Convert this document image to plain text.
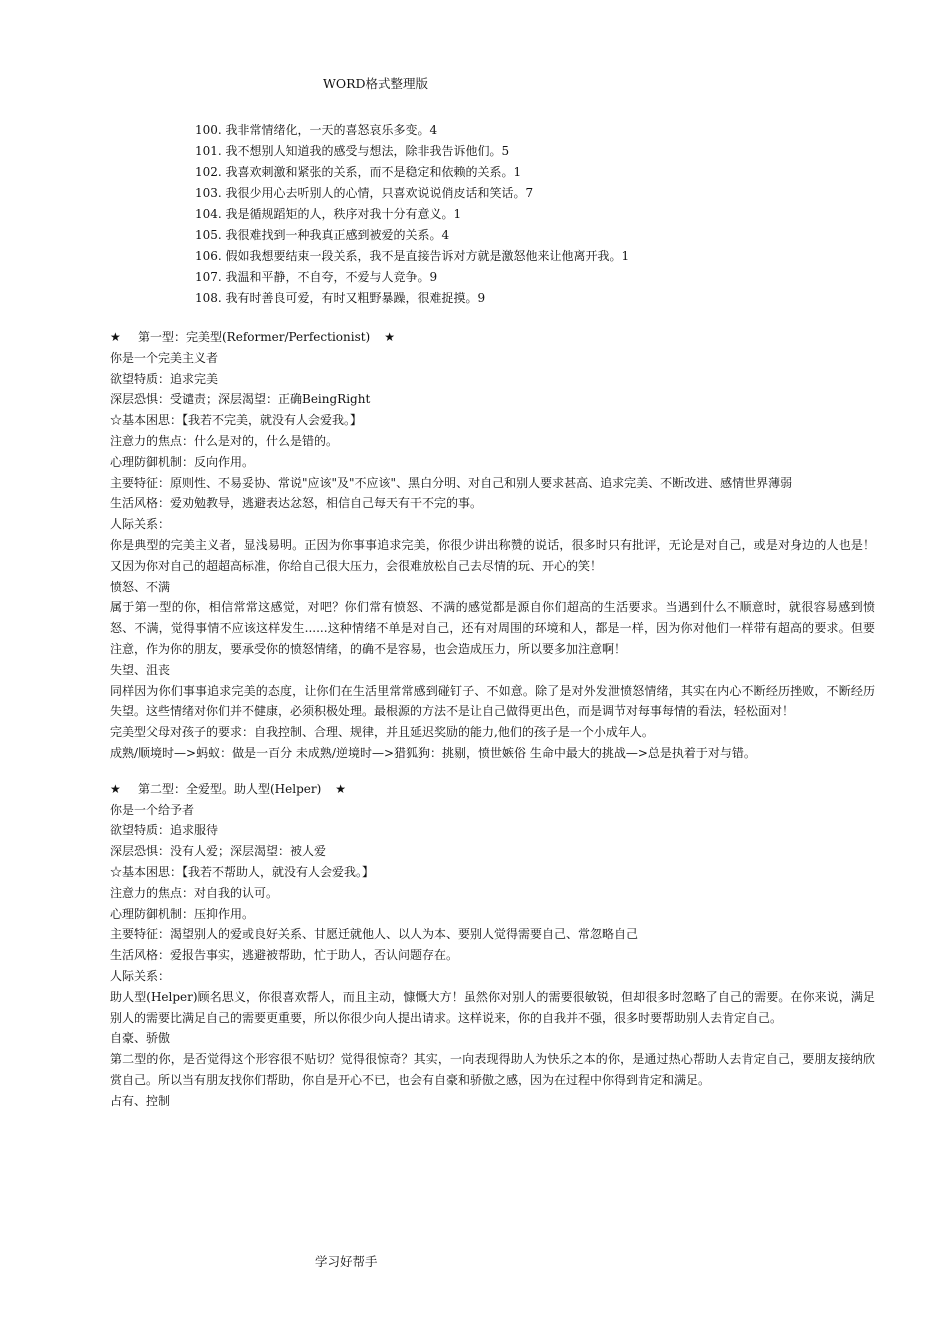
WORD格式整理版
100. 我非常情绪化，一天的喜怒哀乐多变。4
101. 我不想别人知道我的感受与想法，除非我告诉他们。5
102. 我喜欢刺激和紧张的关系，而不是稳定和依赖的关系。1
103. 我很少用心去听别人的心情，只喜欢说说俏皮话和笑话。7
104. 我是循规蹈矩的人，秩序对我十分有意义。1
105. 我很难找到一种我真正感到被爱的关系。4
106. 假如我想要结束一段关系，我不是直接告诉对方就是激怒他来让他离开我。1
107. 我温和平静，不自夸，不爱与人竞争。9
108. 我有时善良可爱，有时又粗野暴躁，很难捉摸。9
★ 第一型：完美型(Reformer/Perfectionist) ★
你是一个完美主义者
欲望特质：追求完美
深层恐惧：受谴责；深层渴望：正确BeingRight
☆基本困思：【我若不完美，就没有人会爱我。】
注意力的焦点：什么是对的，什么是错的。
心理防御机制：反向作用。
主要特征：原则性、不易妥协、常说"应该"及"不应该"、黑白分明、对自己和别人要求甚高、追求完美、不断改进、感情世界薄弱
生活风格：爱劝勉教导，逃避表达忿怒，相信自己每天有干不完的事。
人际关系：
你是典型的完美主义者，显浅易明。正因为你事事追求完美，你很少讲出称赞的说话，很多时只有批评，无论是对自己，或是对身边的人也是！又因为你对自己的超超高标准，你给自己很大压力，会很难放松自己去尽情的玩、开心的笑！
愤怒、不满
属于第一型的你，相信常常这感觉，对吧？你们常有愤怒、不满的感觉都是源自你们超高的生活要求。当遇到什么不顺意时，就很容易感到愤怒、不满，觉得事情不应该这样发生......这种情绪不单是对自己，还有对周围的环境和人，都是一样，因为你对他们一样带有超高的要求。但要注意，作为你的朋友，要承受你的愤怒情绪，的确不是容易，也会造成压力，所以要多加注意啊！
失望、沮丧
同样因为你们事事追求完美的态度，让你们在生活里常常感到碰钉子、不如意。除了是对外发泄愤怒情绪，其实在内心不断经历挫败，不断经历失望。这些情绪对你们并不健康，必须积极处理。最根源的方法不是让自己做得更出色，而是调节对每事每情的看法，轻松面对！
完美型父母对孩子的要求：自我控制、合理、规律，并且延迟奖励的能力,他们的孩子是一个小成年人。
成熟/顺境时—>蚂蚁：做是一百分 未成熟/逆境时—>猎狐狗：挑剔，愤世嫉俗 生命中最大的挑战—>总是执着于对与错。
★ 第二型：全爱型。助人型(Helper) ★
你是一个给予者
欲望特质：追求服待
深层恐惧：没有人爱；深层渴望：被人爱
☆基本困思：【我若不帮助人，就没有人会爱我。】
注意力的焦点：对自我的认可。
心理防御机制：压抑作用。
主要特征：渴望别人的爱或良好关系、甘愿迁就他人、以人为本、要别人觉得需要自己、常忽略自己
生活风格：爱报告事实，逃避被帮助，忙于助人，否认问题存在。
人际关系：
助人型(Helper)顾名思义，你很喜欢帮人，而且主动，慷慨大方！虽然你对别人的需要很敏锐，但却很多时忽略了自己的需要。在你来说，满足别人的需要比满足自己的需要更重要，所以你很少向人提出请求。这样说来，你的自我并不强，很多时要帮助别人去肯定自己。
自豪、骄傲
第二型的你，是否觉得这个形容很不贴切？觉得很惊奇？其实，一向表现得助人为快乐之本的你，是通过热心帮助人去肯定自己，要朋友接纳欣赏自己。所以当有朋友找你们帮助，你自是开心不已，也会有自豪和骄傲之感，因为在过程中你得到肯定和满足。
占有、控制
学习好帮手
